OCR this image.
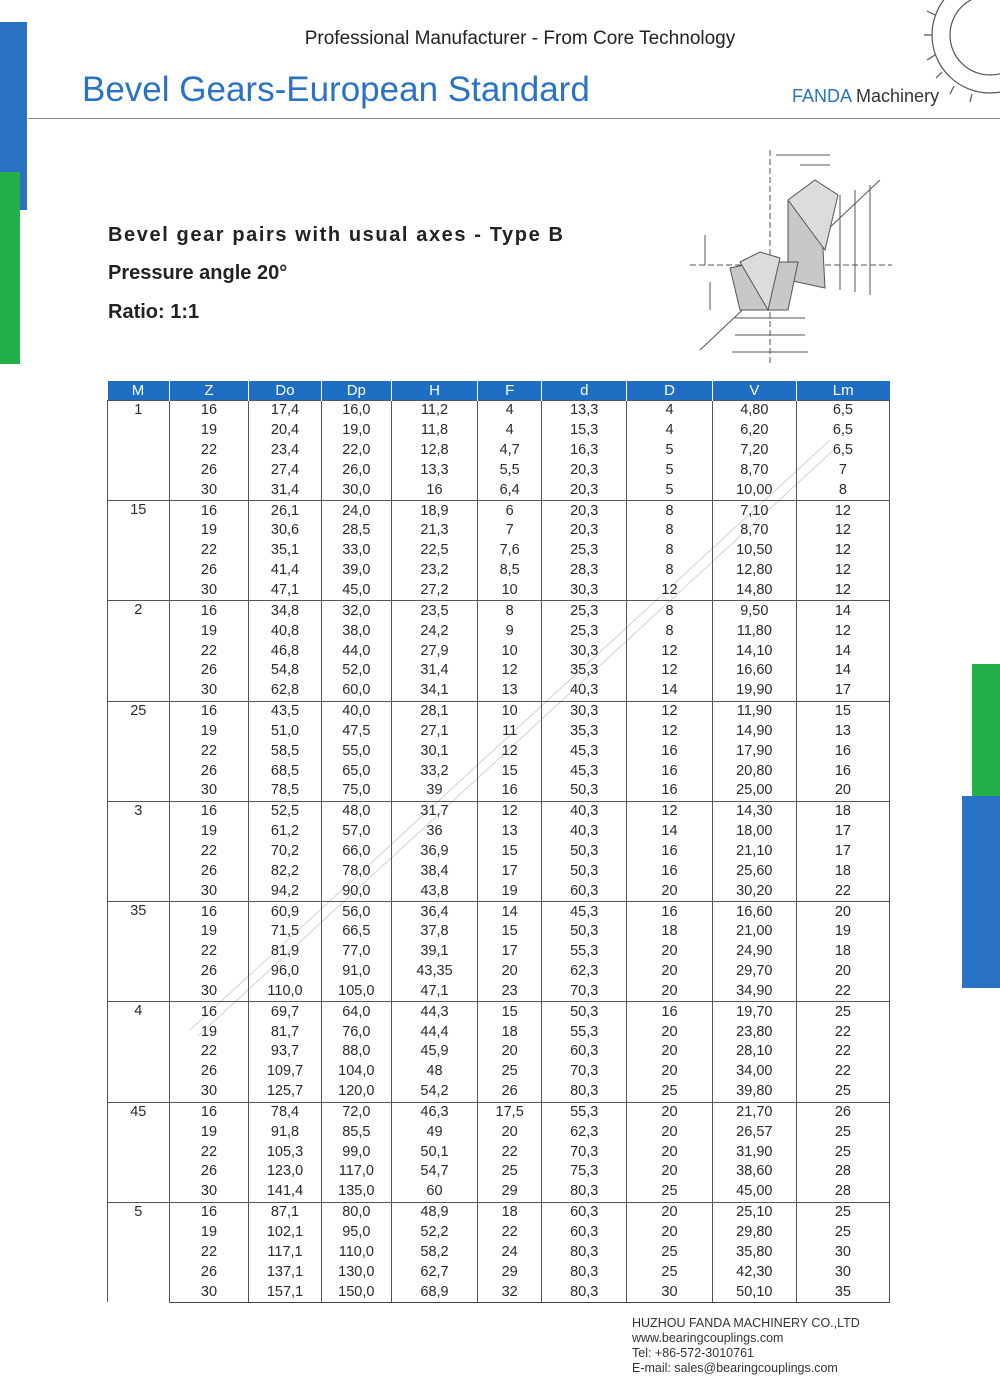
Professional Manufacturer - From Core Technology
Bevel Gears-European Standard	FANDA Machinery
Bevel gear pairs with usual axes - Type B
Pressure angle 20°
Ratio: 1:1
M	Z	Do	Dp	H	F	d	D	V	Lm
1	16	17,4	16,0	11,2	4	13,3	4	4,80	6,5
	19	20,4	19,0	11,8	4	15,3	4	6,20	6,5
	22	23,4	22,0	12,8	4,7	16,3	5	7,20	6,5
	26	27,4	26,0	13,3	5,5	20,3	5	8,70	7
	30	31,4	30,0	16	6,4	20,3	5	10,00	8
15	16	26,1	24,0	18,9	6	20,3	8	7,10	12
	19	30,6	28,5	21,3	7	20,3	8	8,70	12
	22	35,1	33,0	22,5	7,6	25,3	8	10,50	12
	26	41,4	39,0	23,2	8,5	28,3	8	12,80	12
	30	47,1	45,0	27,2	10	30,3	12	14,80	12
2	16	34,8	32,0	23,5	8	25,3	8	9,50	14
	19	40,8	38,0	24,2	9	25,3	8	11,80	12
	22	46,8	44,0	27,9	10	30,3	12	14,10	14
	26	54,8	52,0	31,4	12	35,3	12	16,60	14
	30	62,8	60,0	34,1	13	40,3	14	19,90	17
25	16	43,5	40,0	28,1	10	30,3	12	11,90	15
	19	51,0	47,5	27,1	11	35,3	12	14,90	13
	22	58,5	55,0	30,1	12	45,3	16	17,90	16
	26	68,5	65,0	33,2	15	45,3	16	20,80	16
	30	78,5	75,0	39	16	50,3	16	25,00	20
3	16	52,5	48,0	31,7	12	40,3	12	14,30	18
	19	61,2	57,0	36	13	40,3	14	18,00	17
	22	70,2	66,0	36,9	15	50,3	16	21,10	17
	26	82,2	78,0	38,4	17	50,3	16	25,60	18
	30	94,2	90,0	43,8	19	60,3	20	30,20	22
35	16	60,9	56,0	36,4	14	45,3	16	16,60	20
	19	71,5	66,5	37,8	15	50,3	18	21,00	19
	22	81,9	77,0	39,1	17	55,3	20	24,90	18
	26	96,0	91,0	43,35	20	62,3	20	29,70	20
	30	110,0	105,0	47,1	23	70,3	20	34,90	22
4	16	69,7	64,0	44,3	15	50,3	16	19,70	25
	19	81,7	76,0	44,4	18	55,3	20	23,80	22
	22	93,7	88,0	45,9	20	60,3	20	28,10	22
	26	109,7	104,0	48	25	70,3	20	34,00	22
	30	125,7	120,0	54,2	26	80,3	25	39,80	25
45	16	78,4	72,0	46,3	17,5	55,3	20	21,70	26
	19	91,8	85,5	49	20	62,3	20	26,57	25
	22	105,3	99,0	50,1	22	70,3	20	31,90	25
	26	123,0	117,0	54,7	25	75,3	20	38,60	28
	30	141,4	135,0	60	29	80,3	25	45,00	28
5	16	87,1	80,0	48,9	18	60,3	20	25,10	25
	19	102,1	95,0	52,2	22	60,3	20	29,80	25
	22	117,1	110,0	58,2	24	80,3	25	35,80	30
	26	137,1	130,0	62,7	29	80,3	25	42,30	30
	30	157,1	150,0	68,9	32	80,3	30	50,10	35
HUZHOU FANDA MACHINERY CO.,LTD
www.bearingcouplings.com
Tel: +86-572-3010761
E-mail: sales@bearingcouplings.com
